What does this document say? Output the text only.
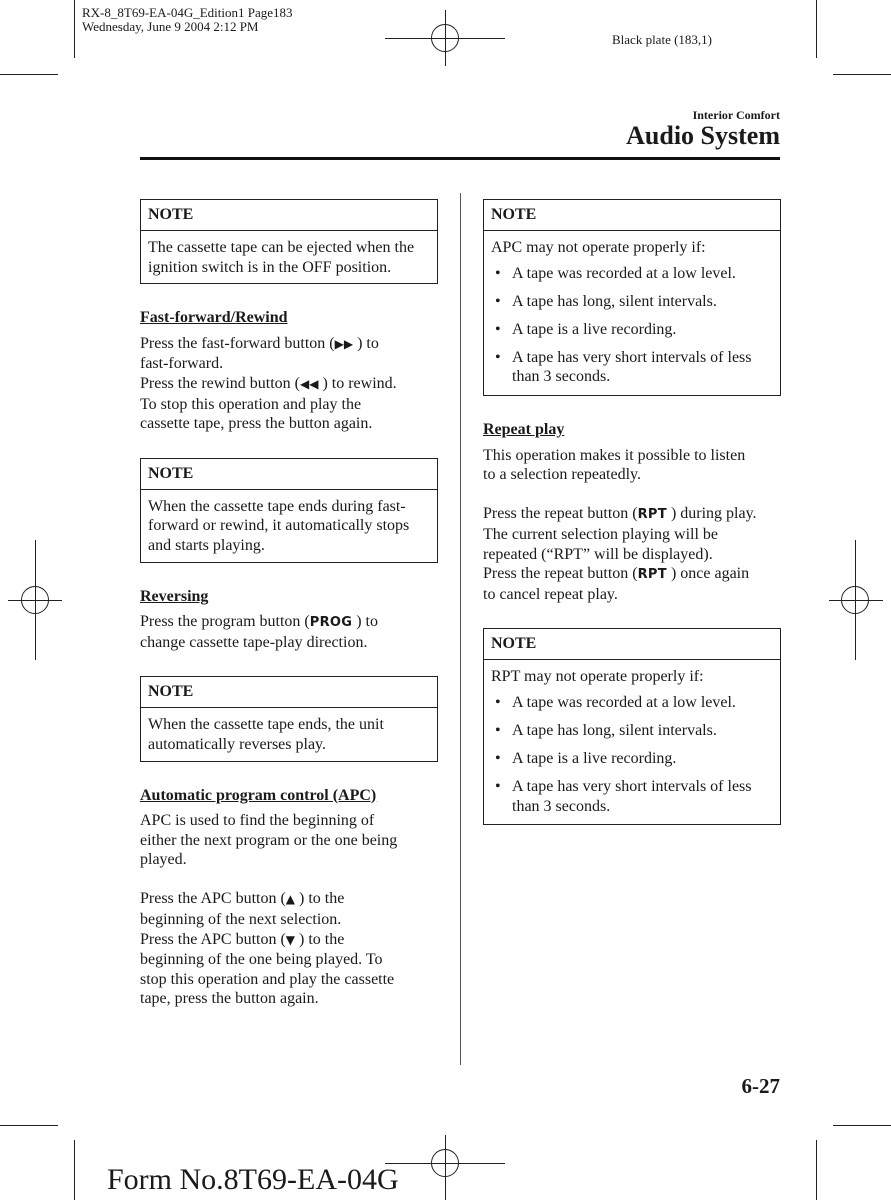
RX-8_8T69-EA-04G_Edition1 Page183
Wednesday, June 9 2004 2:12 PM
Black plate (183,1)
Interior Comfort
Audio System
NOTE

The cassette tape can be ejected when the ignition switch is in the OFF position.

Fast-forward/Rewind
Press the fast-forward button (▶▶ ) to
fast-forward.
Press the rewind button (◀◀ ) to rewind.
To stop this operation and play the
cassette tape, press the button again.
NOTE

When the cassette tape ends during fast-forward or rewind, it automatically stops and starts playing.

Reversing
Press the program button (PROG ) to
change cassette tape-play direction.
NOTE

When the cassette tape ends, the unit automatically reverses play.

Automatic program control (APC)
APC is used to find the beginning of
either the next program or the one being
played.
Press the APC button (▲ ) to the
beginning of the next selection.
Press the APC button (▼ ) to the
beginning of the one being played. To
stop this operation and play the cassette
tape, press the button again.
NOTE

APC may not operate properly if:

• A tape was recorded at a low level.
• A tape has long, silent intervals.
• A tape is a live recording.
• A tape has very short intervals of less than 3 seconds.
Repeat play
This operation makes it possible to listen
to a selection repeatedly.
Press the repeat button (RPT ) during play.
The current selection playing will be
repeated (“RPT” will be displayed).
Press the repeat button (RPT ) once again
to cancel repeat play.
NOTE

RPT may not operate properly if:

• A tape was recorded at a low level.
• A tape has long, silent intervals.
• A tape is a live recording.
• A tape has very short intervals of less than 3 seconds.
6-27
Form No.8T69-EA-04G
